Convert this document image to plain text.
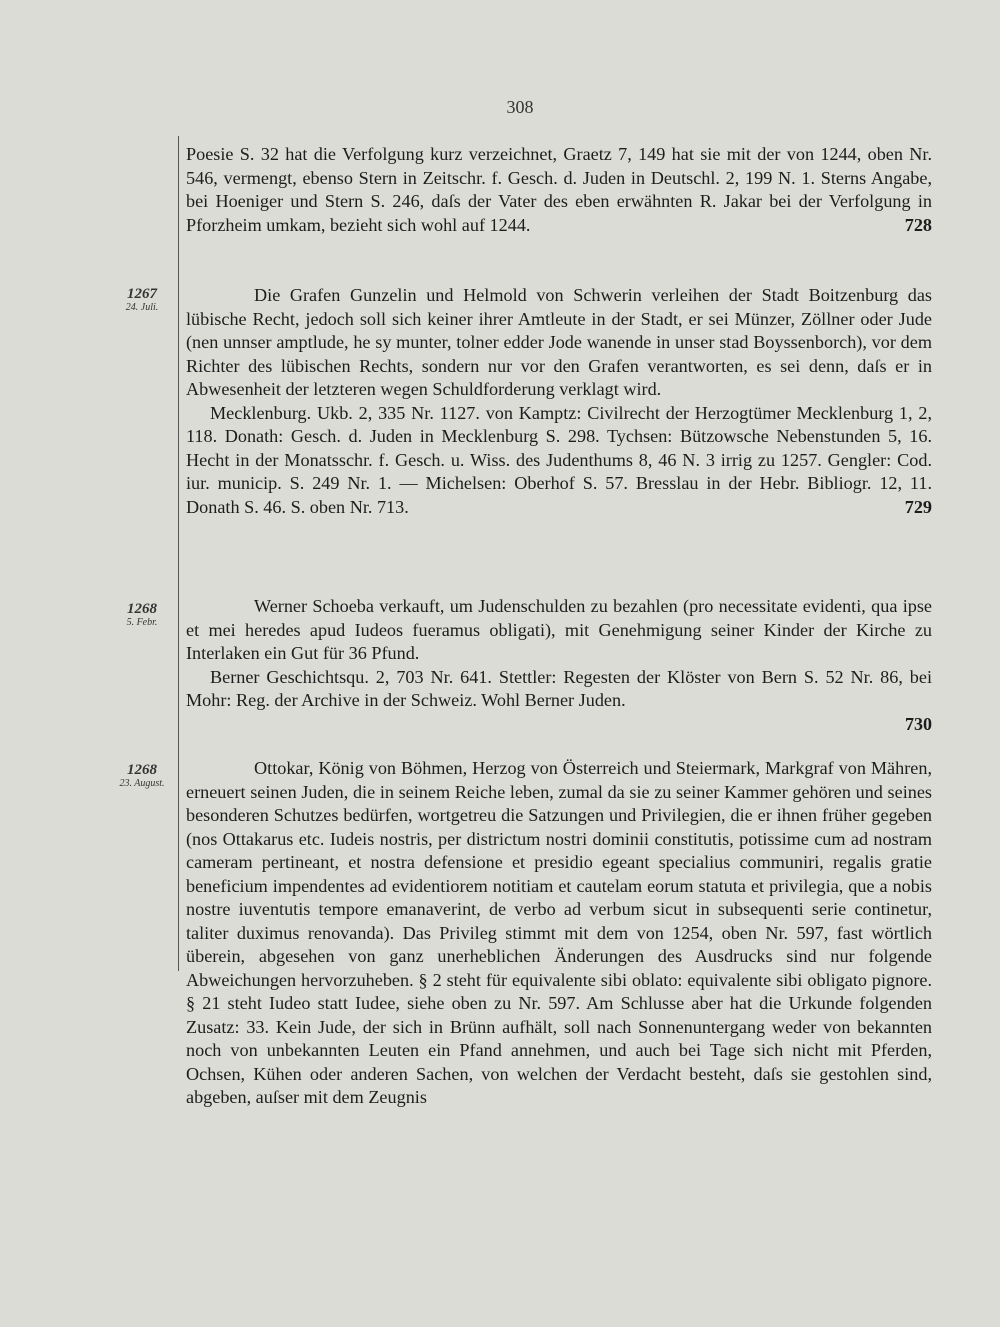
308

Poesie S. 32 hat die Verfolgung kurz verzeichnet, Graetz 7, 149 hat sie mit der von 1244, oben Nr. 546, vermengt, ebenso Stern in Zeitschr. f. Gesch. d. Juden in Deutschl. 2, 199 N. 1. Sterns Angabe, bei Hoeniger und Stern S. 246, daſs der Vater des eben erwähnten R. Jakar bei der Verfolgung in Pforzheim umkam, bezieht sich wohl auf 1244.	728

1267
24. Juli.

Die Grafen Gunzelin und Helmold von Schwerin verleihen der Stadt Boitzenburg das lübische Recht, jedoch soll sich keiner ihrer Amtleute in der Stadt, er sei Münzer, Zöllner oder Jude (nen unnser amptlude, he sy munter, tolner edder Jode wanende in unser stad Boyssenborch), vor dem Richter des lübischen Rechts, sondern nur vor den Grafen verantworten, es sei denn, daſs er in Abwesenheit der letzteren wegen Schuldforderung verklagt wird.

Mecklenburg. Ukb. 2, 335 Nr. 1127. von Kamptz: Civilrecht der Herzogtümer Mecklenburg 1, 2, 118. Donath: Gesch. d. Juden in Mecklenburg S. 298. Tychsen: Bützowsche Nebenstunden 5, 16. Hecht in der Monatsschr. f. Gesch. u. Wiss. des Judenthums 8, 46 N. 3 irrig zu 1257. Gengler: Cod. iur. municip. S. 249 Nr. 1. — Michelsen: Oberhof S. 57. Bresslau in der Hebr. Bibliogr. 12, 11. Donath S. 46. S. oben Nr. 713.	729

1268
5. Febr.

Werner Schoeba verkauft, um Judenschulden zu bezahlen (pro necessitate evidenti, qua ipse et mei heredes apud Iudeos fueramus obligati), mit Genehmigung seiner Kinder der Kirche zu Interlaken ein Gut für 36 Pfund.

Berner Geschichtsqu. 2, 703 Nr. 641. Stettler: Regesten der Klöster von Bern S. 52 Nr. 86, bei Mohr: Reg. der Archive in der Schweiz. Wohl Berner Juden.

730

1268
23. August.

Ottokar, König von Böhmen, Herzog von Österreich und Steiermark, Markgraf von Mähren, erneuert seinen Juden, die in seinem Reiche leben, zumal da sie zu seiner Kammer gehören und seines besonderen Schutzes bedürfen, wortgetreu die Satzungen und Privilegien, die er ihnen früher gegeben (nos Ottakarus etc. Iudeis nostris, per districtum nostri dominii constitutis, potissime cum ad nostram cameram pertineant, et nostra defensione et presidio egeant specialius communiri, regalis gratie beneficium impendentes ad evidentiorem notitiam et cautelam eorum statuta et privilegia, que a nobis nostre iuventutis tempore emanaverint, de verbo ad verbum sicut in subsequenti serie continetur, taliter duximus renovanda). Das Privileg stimmt mit dem von 1254, oben Nr. 597, fast wörtlich überein, abgesehen von ganz unerheblichen Änderungen des Ausdrucks sind nur folgende Abweichungen hervorzuheben. § 2 steht für equivalente sibi oblato: equivalente sibi obligato pignore. § 21 steht Iudeo statt Iudee, siehe oben zu Nr. 597. Am Schlusse aber hat die Urkunde folgenden Zusatz: 33. Kein Jude, der sich in Brünn aufhält, soll nach Sonnenuntergang weder von bekannten noch von unbekannten Leuten ein Pfand annehmen, und auch bei Tage sich nicht mit Pferden, Ochsen, Kühen oder anderen Sachen, von welchen der Verdacht besteht, daſs sie gestohlen sind, abgeben, auſser mit dem Zeugnis
